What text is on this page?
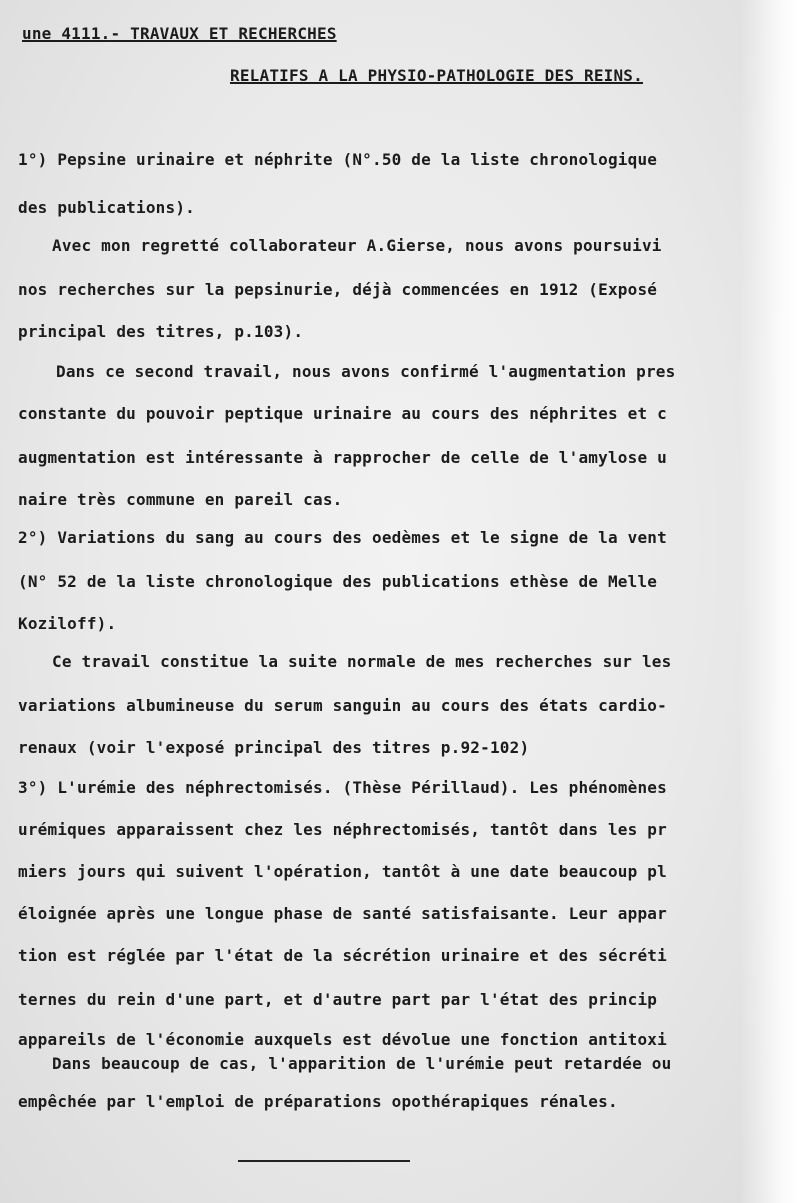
une 4111.- TRAVAUX ET RECHERCHES
RELATIFS A LA PHYSIO-PATHOLOGIE DES REINS.
1°) Pepsine urinaire et néphrite (N°.50 de la liste chronologique
des publications).
Avec mon regretté collaborateur A.Gierse, nous avons poursuivi
nos recherches sur la pepsinurie, déjà commencées en 1912 (Exposé
principal des titres, p.103).
Dans ce second travail, nous avons confirmé l'augmentation pres
constante du pouvoir peptique urinaire au cours des néphrites et c
augmentation est intéressante à rapprocher de celle de l'amylose u
naire très commune en pareil cas.
2°) Variations du sang au cours des oedèmes et le signe de la vent
(N° 52 de la liste chronologique des publications ethèse de Melle
Koziloff).
Ce travail constitue la suite normale de mes recherches sur les
variations albumineuse du serum sanguin au cours des états cardio-
renaux (voir l'exposé principal des titres p.92-102)
3°) L'urémie des néphrectomisés. (Thèse Périllaud). Les phénomènes
urémiques apparaissent chez les néphrectomisés, tantôt dans les pr
miers jours qui suivent l'opération, tantôt à une date beaucoup pl
éloignée après une longue phase de santé satisfaisante. Leur appar
tion est réglée par l'état de la sécrétion urinaire et des sécréti
ternes du rein d'une part, et d'autre part par l'état des princip
appareils de l'économie auxquels est dévolue une fonction antitoxi
Dans beaucoup de cas, l'apparition de l'urémie peut retardée ou
empêchée par l'emploi de préparations opothérapiques rénales.
